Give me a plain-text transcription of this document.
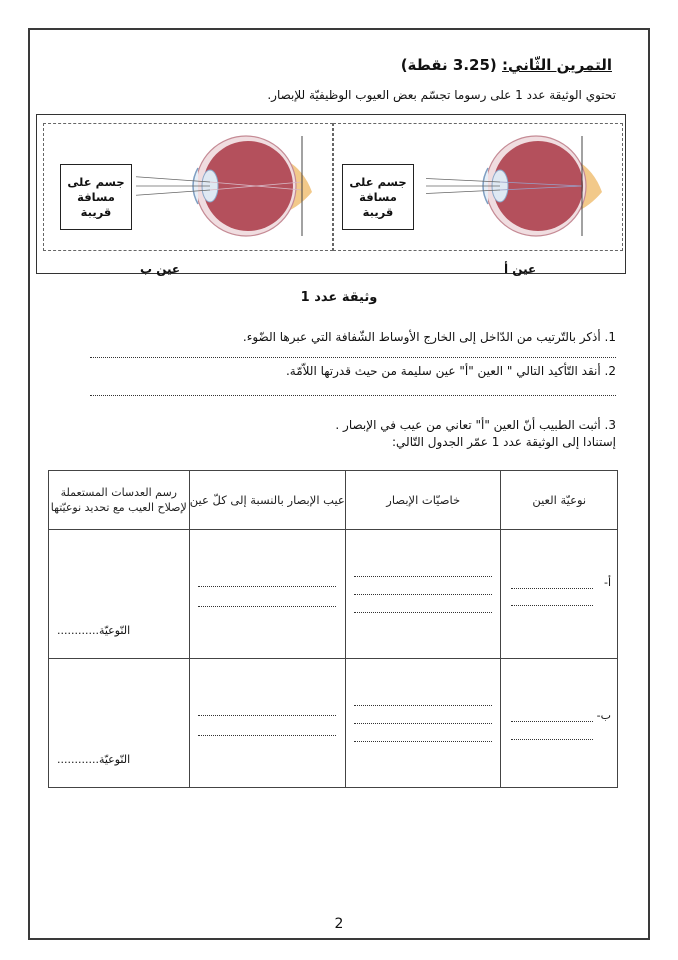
التمرين الثّاني: (3.25 نقطة)
تحتوي الوثيقة عدد 1 على رسوما تجسّم بعض العيوب الوظيفيّة للإبصار.
جسم على
مسافة
قريبة
عين ب
جسم على
مسافة
قريبة
عين أ
وثيقة عدد 1
1. أذكر بالتّرتيب من الدّاخل إلى الخارج الأوساط الشّفافة التي عبرها الضّوء.
2. أنقد التّأكيد التالي " العين "أ" عين سليمة من حيث قدرتها اللاّمّة.
3. أثبت الطبيب أنّ العين "أ" تعاني من عيب في الإبصار .
إستنادا إلى الوثيقة عدد 1 عمّر الجدول التّالي:
نوعيّة العين	خاصيّات الإبصار	عيب الإبصار بالنسبة إلى كلّ عين	رسم العدسات المستعملة لإصلاح العيب مع تحديد نوعيّتها

أ-			النّوعيّة............

ب-			النّوعيّة............
2
